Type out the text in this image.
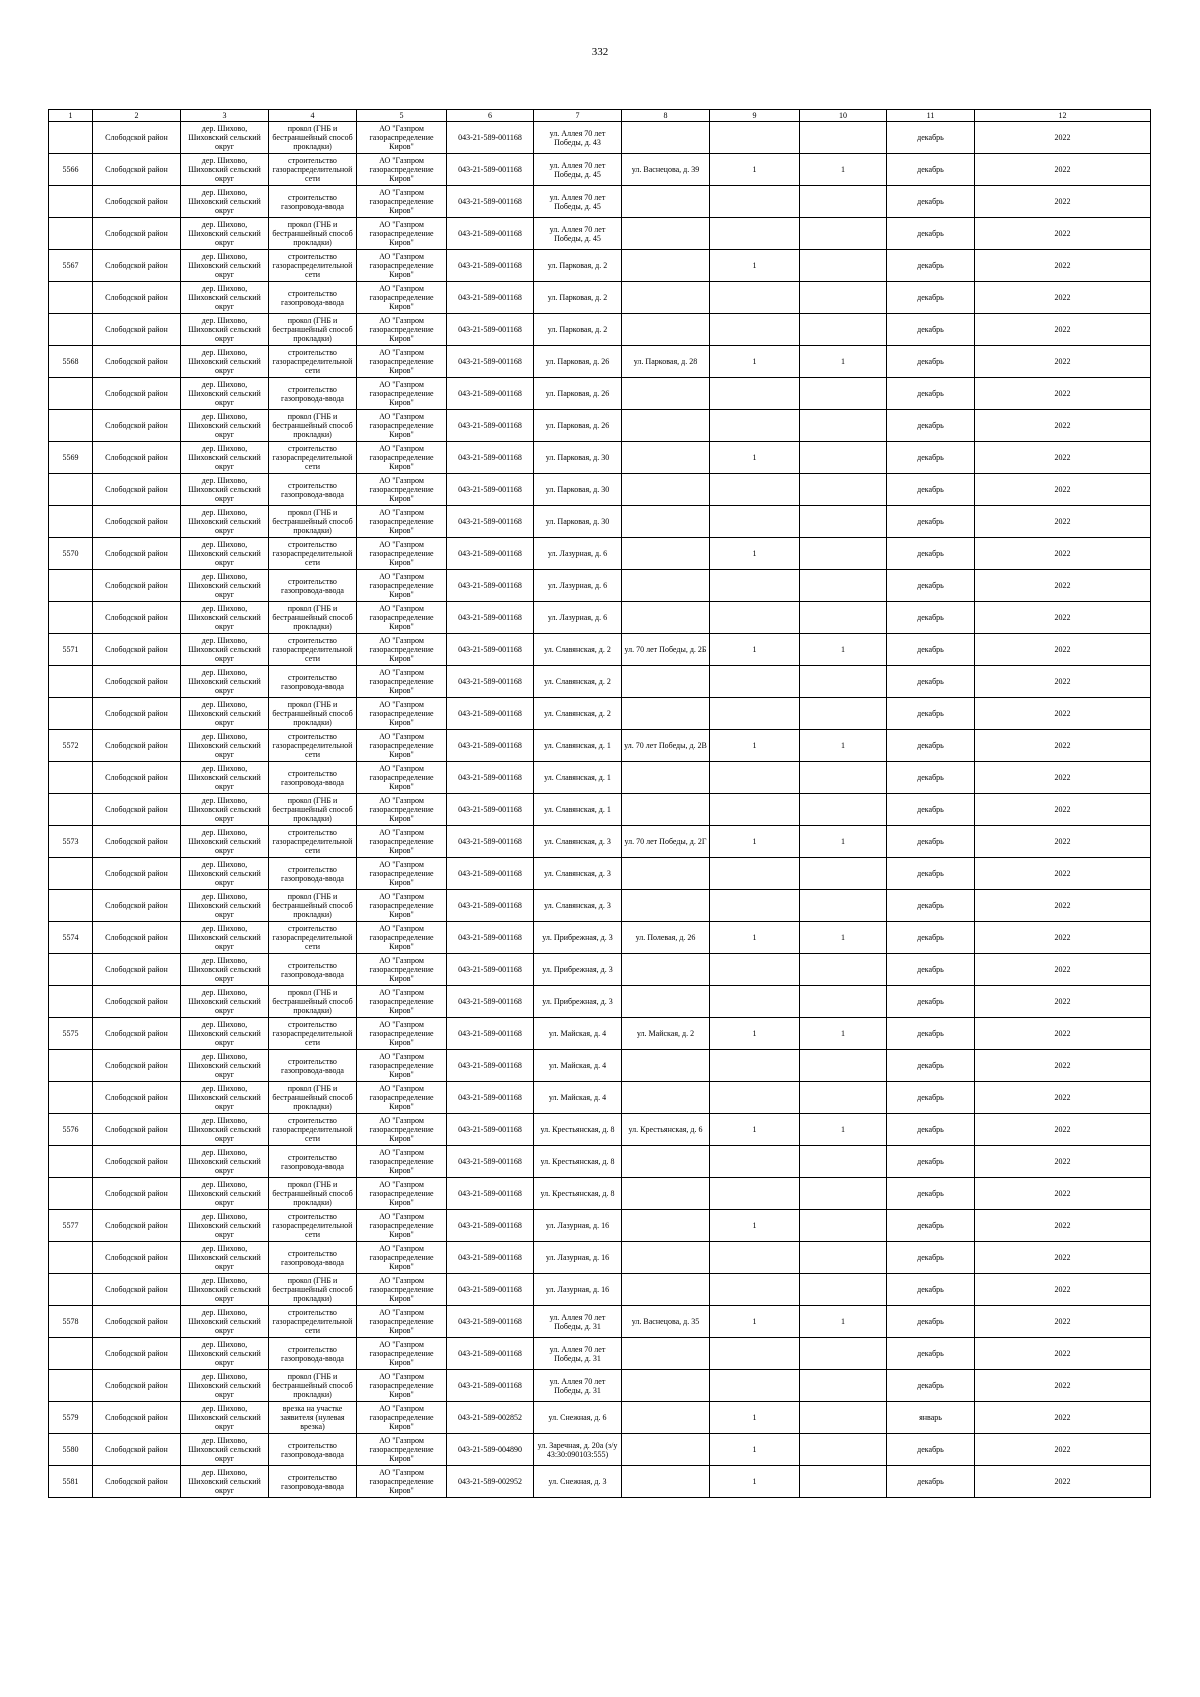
332
1	2	3	4	5	6	7	8	9	10	11	12

	Слободской район	дер. Шихово, Шиховский сельский округ	прокол (ГНБ и бестраншейный способ прокладки)	АО "Газпром газораспределение Киров"	043-21-589-001168	ул. Аллея 70 лет Победы, д. 43				декабрь	2022

5566	Слободской район	дер. Шихово, Шиховский сельский округ	строительство газораспределительной сети	АО "Газпром газораспределение Киров"	043-21-589-001168	ул. Аллея 70 лет Победы, д. 45	ул. Васнецова, д. 39	1	1	декабрь	2022

	Слободской район	дер. Шихово, Шиховский сельский округ	строительство газопровода-ввода	АО "Газпром газораспределение Киров"	043-21-589-001168	ул. Аллея 70 лет Победы, д. 45				декабрь	2022

	Слободской район	дер. Шихово, Шиховский сельский округ	прокол (ГНБ и бестраншейный способ прокладки)	АО "Газпром газораспределение Киров"	043-21-589-001168	ул. Аллея 70 лет Победы, д. 45				декабрь	2022

5567	Слободской район	дер. Шихово, Шиховский сельский округ	строительство газораспределительной сети	АО "Газпром газораспределение Киров"	043-21-589-001168	ул. Парковая, д. 2		1		декабрь	2022

	Слободской район	дер. Шихово, Шиховский сельский округ	строительство газопровода-ввода	АО "Газпром газораспределение Киров"	043-21-589-001168	ул. Парковая, д. 2				декабрь	2022

	Слободской район	дер. Шихово, Шиховский сельский округ	прокол (ГНБ и бестраншейный способ прокладки)	АО "Газпром газораспределение Киров"	043-21-589-001168	ул. Парковая, д. 2				декабрь	2022

5568	Слободской район	дер. Шихово, Шиховский сельский округ	строительство газораспределительной сети	АО "Газпром газораспределение Киров"	043-21-589-001168	ул. Парковая, д. 26	ул. Парковая, д. 28	1	1	декабрь	2022

	Слободской район	дер. Шихово, Шиховский сельский округ	строительство газопровода-ввода	АО "Газпром газораспределение Киров"	043-21-589-001168	ул. Парковая, д. 26				декабрь	2022

	Слободской район	дер. Шихово, Шиховский сельский округ	прокол (ГНБ и бестраншейный способ прокладки)	АО "Газпром газораспределение Киров"	043-21-589-001168	ул. Парковая, д. 26				декабрь	2022

5569	Слободской район	дер. Шихово, Шиховский сельский округ	строительство газораспределительной сети	АО "Газпром газораспределение Киров"	043-21-589-001168	ул. Парковая, д. 30		1		декабрь	2022

	Слободской район	дер. Шихово, Шиховский сельский округ	строительство газопровода-ввода	АО "Газпром газораспределение Киров"	043-21-589-001168	ул. Парковая, д. 30				декабрь	2022

	Слободской район	дер. Шихово, Шиховский сельский округ	прокол (ГНБ и бестраншейный способ прокладки)	АО "Газпром газораспределение Киров"	043-21-589-001168	ул. Парковая, д. 30				декабрь	2022

5570	Слободской район	дер. Шихово, Шиховский сельский округ	строительство газораспределительной сети	АО "Газпром газораспределение Киров"	043-21-589-001168	ул. Лазурная, д. 6		1		декабрь	2022

	Слободской район	дер. Шихово, Шиховский сельский округ	строительство газопровода-ввода	АО "Газпром газораспределение Киров"	043-21-589-001168	ул. Лазурная, д. 6				декабрь	2022

	Слободской район	дер. Шихово, Шиховский сельский округ	прокол (ГНБ и бестраншейный способ прокладки)	АО "Газпром газораспределение Киров"	043-21-589-001168	ул. Лазурная, д. 6				декабрь	2022

5571	Слободской район	дер. Шихово, Шиховский сельский округ	строительство газораспределительной сети	АО "Газпром газораспределение Киров"	043-21-589-001168	ул. Славянская, д. 2	ул. 70 лет Победы, д. 2Б	1	1	декабрь	2022

	Слободской район	дер. Шихово, Шиховский сельский округ	строительство газопровода-ввода	АО "Газпром газораспределение Киров"	043-21-589-001168	ул. Славянская, д. 2				декабрь	2022

	Слободской район	дер. Шихово, Шиховский сельский округ	прокол (ГНБ и бестраншейный способ прокладки)	АО "Газпром газораспределение Киров"	043-21-589-001168	ул. Славянская, д. 2				декабрь	2022

5572	Слободской район	дер. Шихово, Шиховский сельский округ	строительство газораспределительной сети	АО "Газпром газораспределение Киров"	043-21-589-001168	ул. Славянская, д. 1	ул. 70 лет Победы, д. 2В	1	1	декабрь	2022

	Слободской район	дер. Шихово, Шиховский сельский округ	строительство газопровода-ввода	АО "Газпром газораспределение Киров"	043-21-589-001168	ул. Славянская, д. 1				декабрь	2022

	Слободской район	дер. Шихово, Шиховский сельский округ	прокол (ГНБ и бестраншейный способ прокладки)	АО "Газпром газораспределение Киров"	043-21-589-001168	ул. Славянская, д. 1				декабрь	2022

5573	Слободской район	дер. Шихово, Шиховский сельский округ	строительство газораспределительной сети	АО "Газпром газораспределение Киров"	043-21-589-001168	ул. Славянская, д. 3	ул. 70 лет Победы, д. 2Г	1	1	декабрь	2022

	Слободской район	дер. Шихово, Шиховский сельский округ	строительство газопровода-ввода	АО "Газпром газораспределение Киров"	043-21-589-001168	ул. Славянская, д. 3				декабрь	2022

	Слободской район	дер. Шихово, Шиховский сельский округ	прокол (ГНБ и бестраншейный способ прокладки)	АО "Газпром газораспределение Киров"	043-21-589-001168	ул. Славянская, д. 3				декабрь	2022

5574	Слободской район	дер. Шихово, Шиховский сельский округ	строительство газораспределительной сети	АО "Газпром газораспределение Киров"	043-21-589-001168	ул. Прибрежная, д. 3	ул. Полевая, д. 26	1	1	декабрь	2022

	Слободской район	дер. Шихово, Шиховский сельский округ	строительство газопровода-ввода	АО "Газпром газораспределение Киров"	043-21-589-001168	ул. Прибрежная, д. 3				декабрь	2022

	Слободской район	дер. Шихово, Шиховский сельский округ	прокол (ГНБ и бестраншейный способ прокладки)	АО "Газпром газораспределение Киров"	043-21-589-001168	ул. Прибрежная, д. 3				декабрь	2022

5575	Слободской район	дер. Шихово, Шиховский сельский округ	строительство газораспределительной сети	АО "Газпром газораспределение Киров"	043-21-589-001168	ул. Майская, д. 4	ул. Майская, д. 2	1	1	декабрь	2022

	Слободской район	дер. Шихово, Шиховский сельский округ	строительство газопровода-ввода	АО "Газпром газораспределение Киров"	043-21-589-001168	ул. Майская, д. 4				декабрь	2022

	Слободской район	дер. Шихово, Шиховский сельский округ	прокол (ГНБ и бестраншейный способ прокладки)	АО "Газпром газораспределение Киров"	043-21-589-001168	ул. Майская, д. 4				декабрь	2022

5576	Слободской район	дер. Шихово, Шиховский сельский округ	строительство газораспределительной сети	АО "Газпром газораспределение Киров"	043-21-589-001168	ул. Крестьянская, д. 8	ул. Крестьянская, д. 6	1	1	декабрь	2022

	Слободской район	дер. Шихово, Шиховский сельский округ	строительство газопровода-ввода	АО "Газпром газораспределение Киров"	043-21-589-001168	ул. Крестьянская, д. 8				декабрь	2022

	Слободской район	дер. Шихово, Шиховский сельский округ	прокол (ГНБ и бестраншейный способ прокладки)	АО "Газпром газораспределение Киров"	043-21-589-001168	ул. Крестьянская, д. 8				декабрь	2022

5577	Слободской район	дер. Шихово, Шиховский сельский округ	строительство газораспределительной сети	АО "Газпром газораспределение Киров"	043-21-589-001168	ул. Лазурная, д. 16		1		декабрь	2022

	Слободской район	дер. Шихово, Шиховский сельский округ	строительство газопровода-ввода	АО "Газпром газораспределение Киров"	043-21-589-001168	ул. Лазурная, д. 16				декабрь	2022

	Слободской район	дер. Шихово, Шиховский сельский округ	прокол (ГНБ и бестраншейный способ прокладки)	АО "Газпром газораспределение Киров"	043-21-589-001168	ул. Лазурная, д. 16				декабрь	2022

5578	Слободской район	дер. Шихово, Шиховский сельский округ	строительство газораспределительной сети	АО "Газпром газораспределение Киров"	043-21-589-001168	ул. Аллея 70 лет Победы, д. 31	ул. Васнецова, д. 35	1	1	декабрь	2022

	Слободской район	дер. Шихово, Шиховский сельский округ	строительство газопровода-ввода	АО "Газпром газораспределение Киров"	043-21-589-001168	ул. Аллея 70 лет Победы, д. 31				декабрь	2022

	Слободской район	дер. Шихово, Шиховский сельский округ	прокол (ГНБ и бестраншейный способ прокладки)	АО "Газпром газораспределение Киров"	043-21-589-001168	ул. Аллея 70 лет Победы, д. 31				декабрь	2022

5579	Слободской район	дер. Шихово, Шиховский сельский округ	врезка на участке заявителя (нулевая врезка)	АО "Газпром газораспределение Киров"	043-21-589-002852	ул. Снежная, д. 6		1		январь	2022

5580	Слободской район	дер. Шихово, Шиховский сельский округ	строительство газопровода-ввода	АО "Газпром газораспределение Киров"	043-21-589-004890	ул. Заречная, д. 20а (з/у 43:30:090103:555)		1		декабрь	2022

5581	Слободской район	дер. Шихово, Шиховский сельский округ	строительство газопровода-ввода	АО "Газпром газораспределение Киров"	043-21-589-002952	ул. Снежная, д. 3		1		декабрь	2022
